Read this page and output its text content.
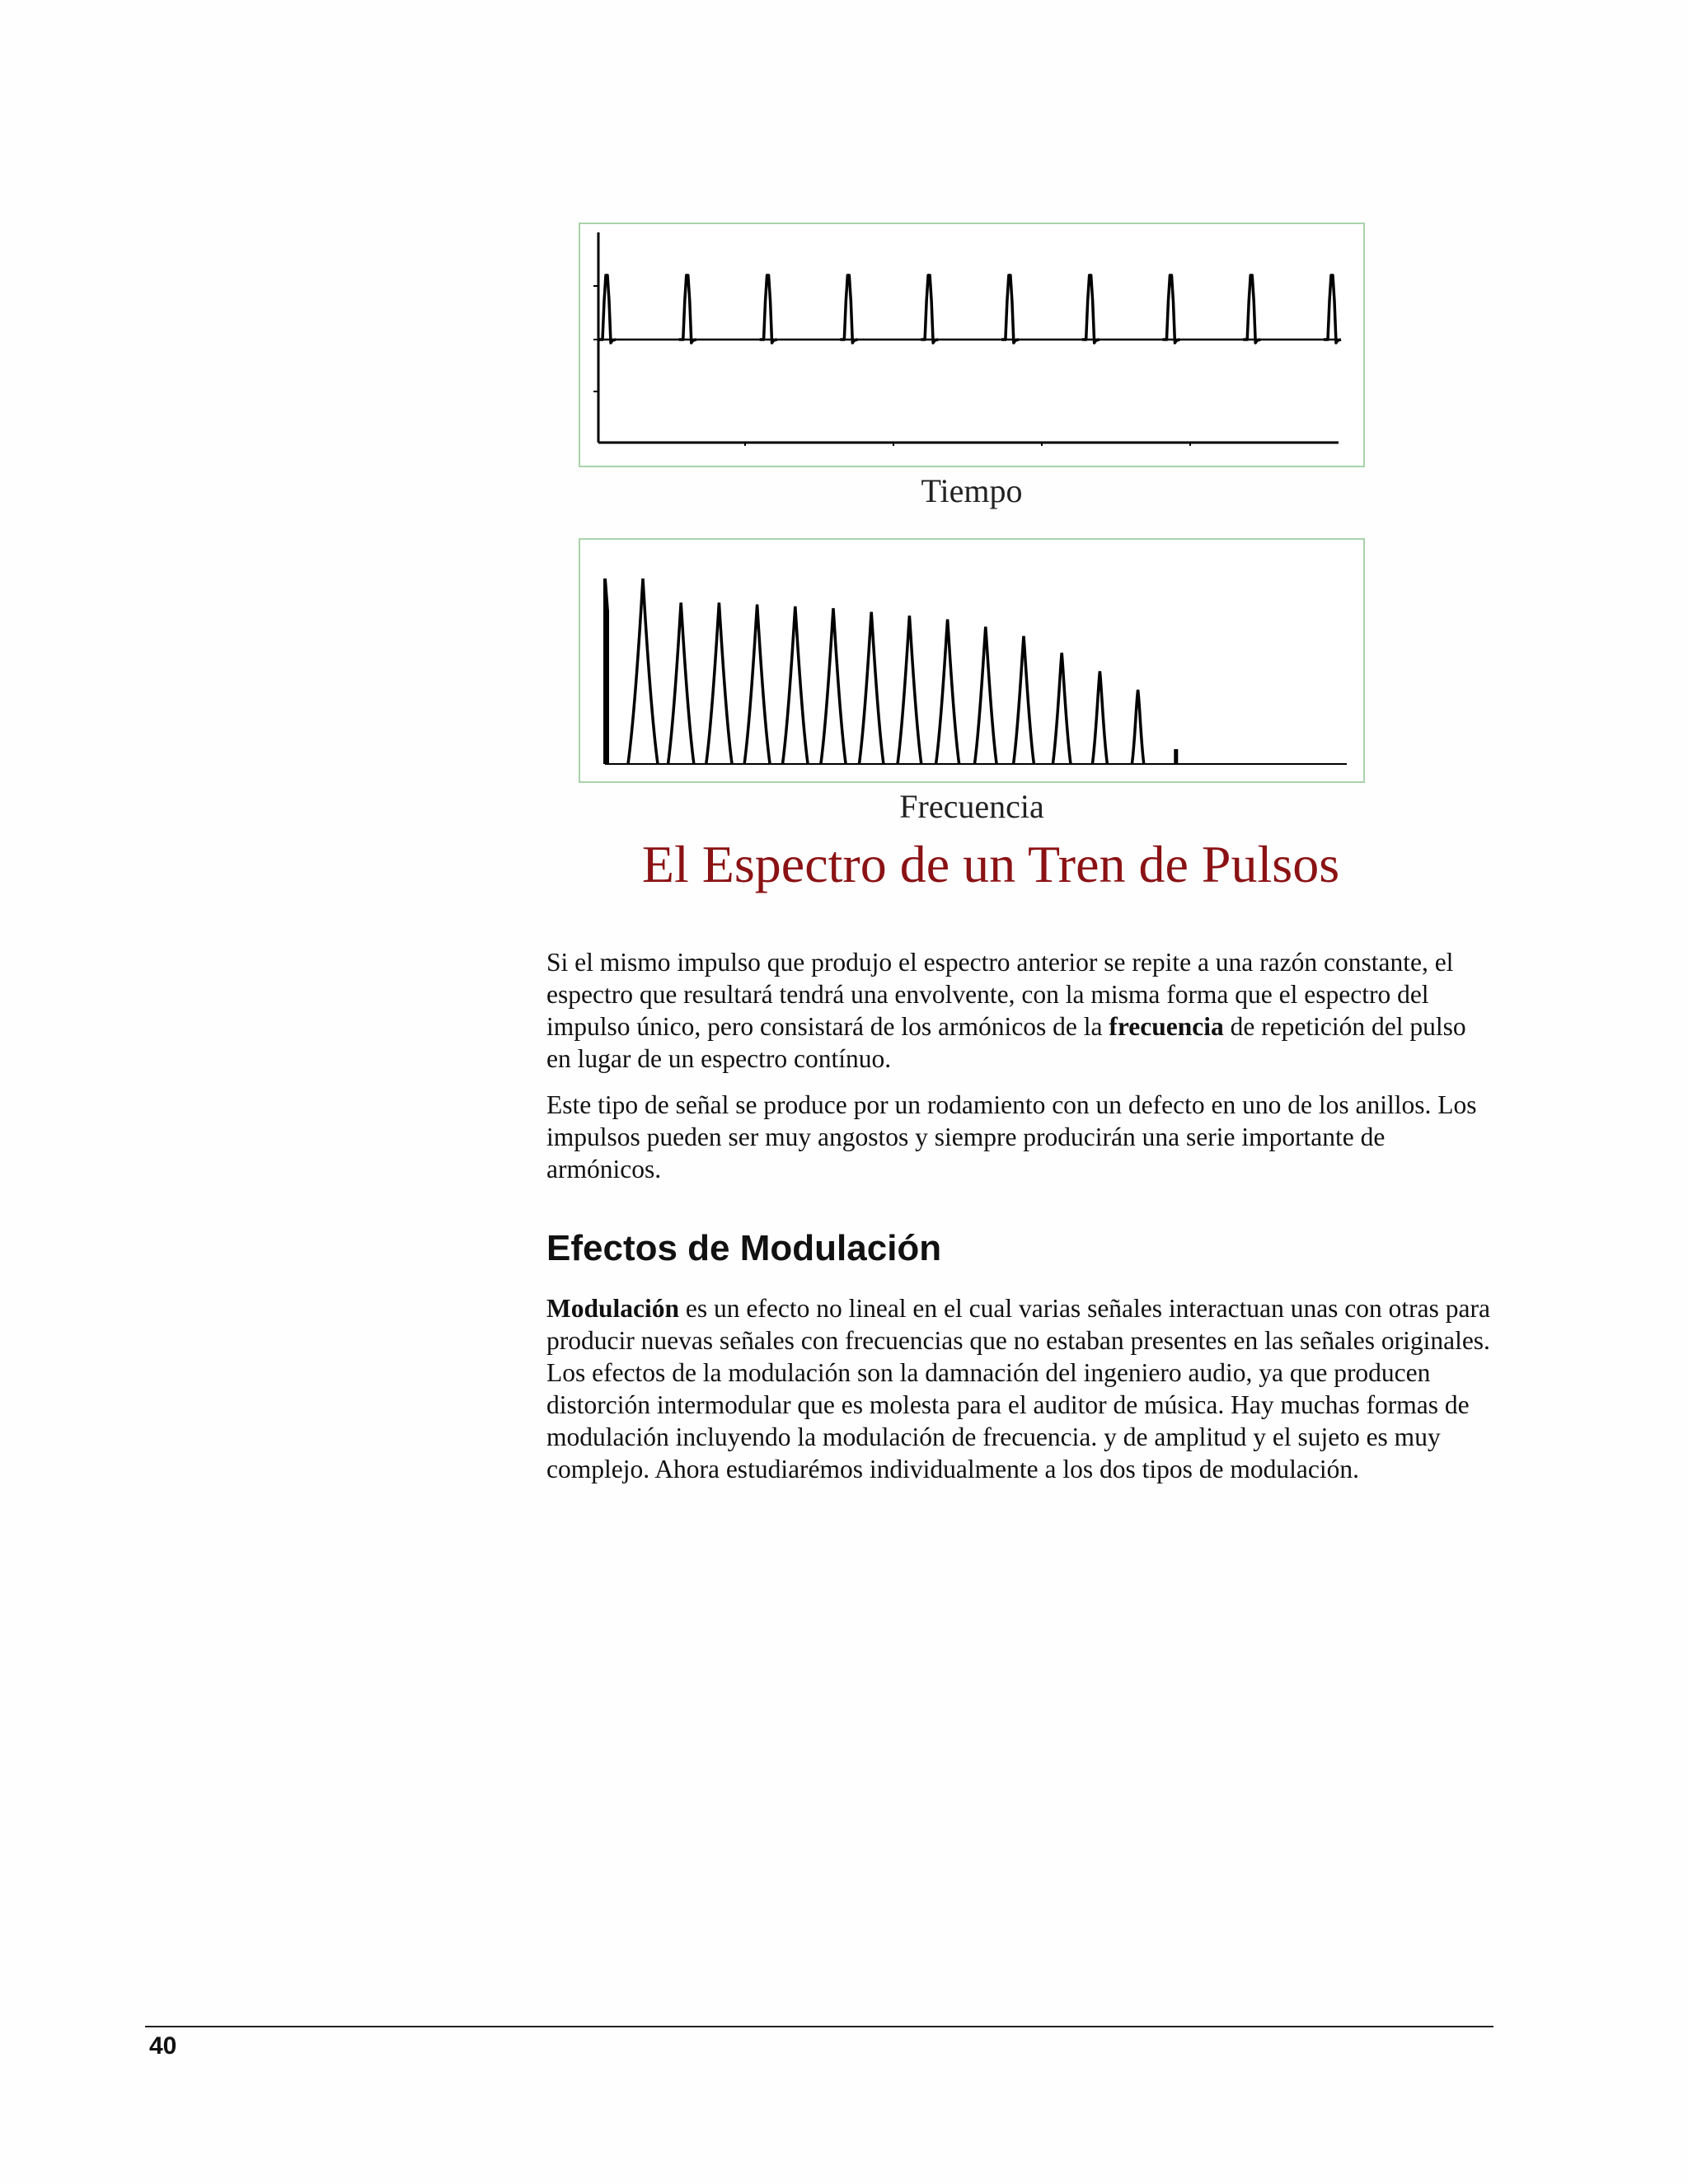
Tiempo
Frecuencia
El Espectro de un Tren de Pulsos

Si el mismo impulso que produjo el espectro anterior se repite a una razón constante, el espectro que resultará tendrá una envolvente, con la misma forma que el espectro del impulso único, pero consistará de los armónicos de la frecuencia de repetición del pulso en lugar de un espectro contínuo.

Este tipo de señal se produce por un rodamiento con un defecto en uno de los anillos. Los impulsos pueden ser muy angostos y siempre producirán una serie importante de armónicos.

Efectos de Modulación

Modulación es un efecto no lineal en el cual varias señales interactuan unas con otras para producir nuevas señales con frecuencias que no estaban presentes en las señales originales. Los efectos de la modulación son la damnación del ingeniero audio, ya que producen distorción intermodular que es molesta para el auditor de música. Hay muchas formas de modulación incluyendo la modulación de frecuencia. y de amplitud y el sujeto es muy complejo. Ahora estudiarémos individualmente a los dos tipos de modulación.

40
